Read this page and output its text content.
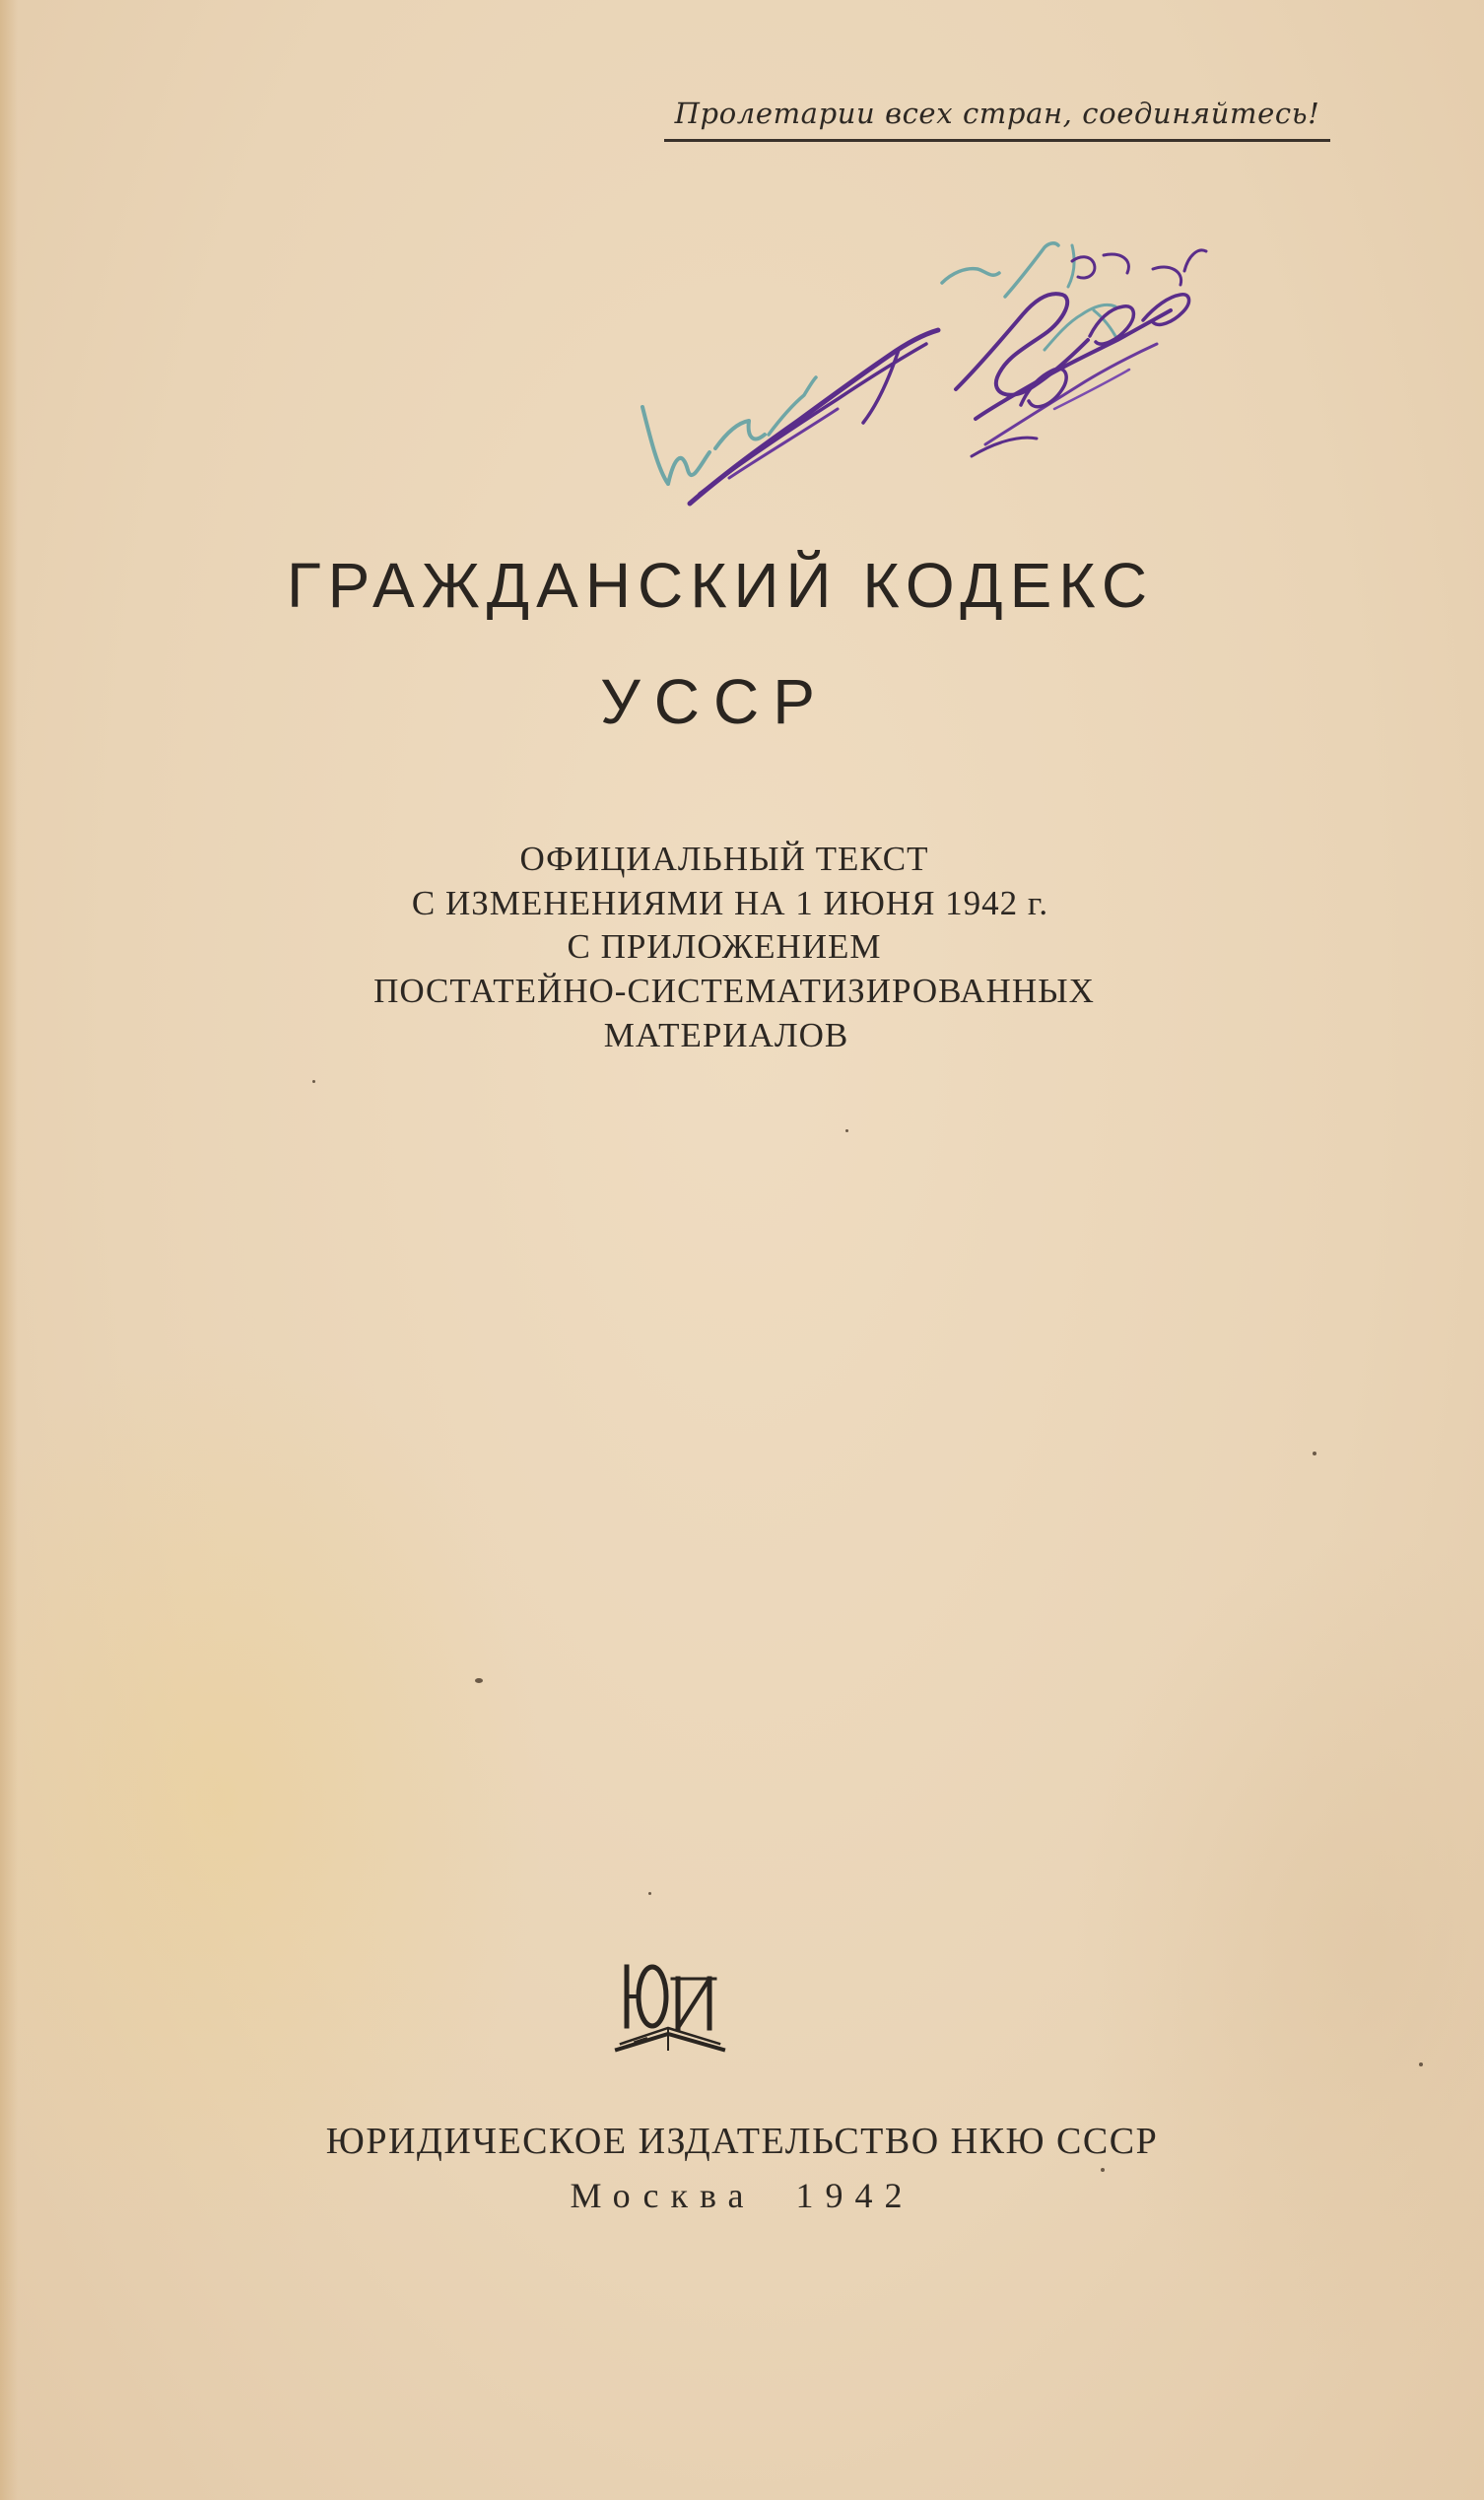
Пролетарии всех стран, соединяйтесь!
ГРАЖДАНСКИЙ КОДЕКС
УССР
ОФИЦИАЛЬНЫЙ ТЕКСТ
С ИЗМЕНЕНИЯМИ НА 1 ИЮНЯ 1942 г.
С ПРИЛОЖЕНИЕМ
ПОСТАТЕЙНО-СИСТЕМАТИЗИРОВАННЫХ
МАТЕРИАЛОВ
ЮРИДИЧЕСКОЕ ИЗДАТЕЛЬСТВО НКЮ СССР
Москва 1942
